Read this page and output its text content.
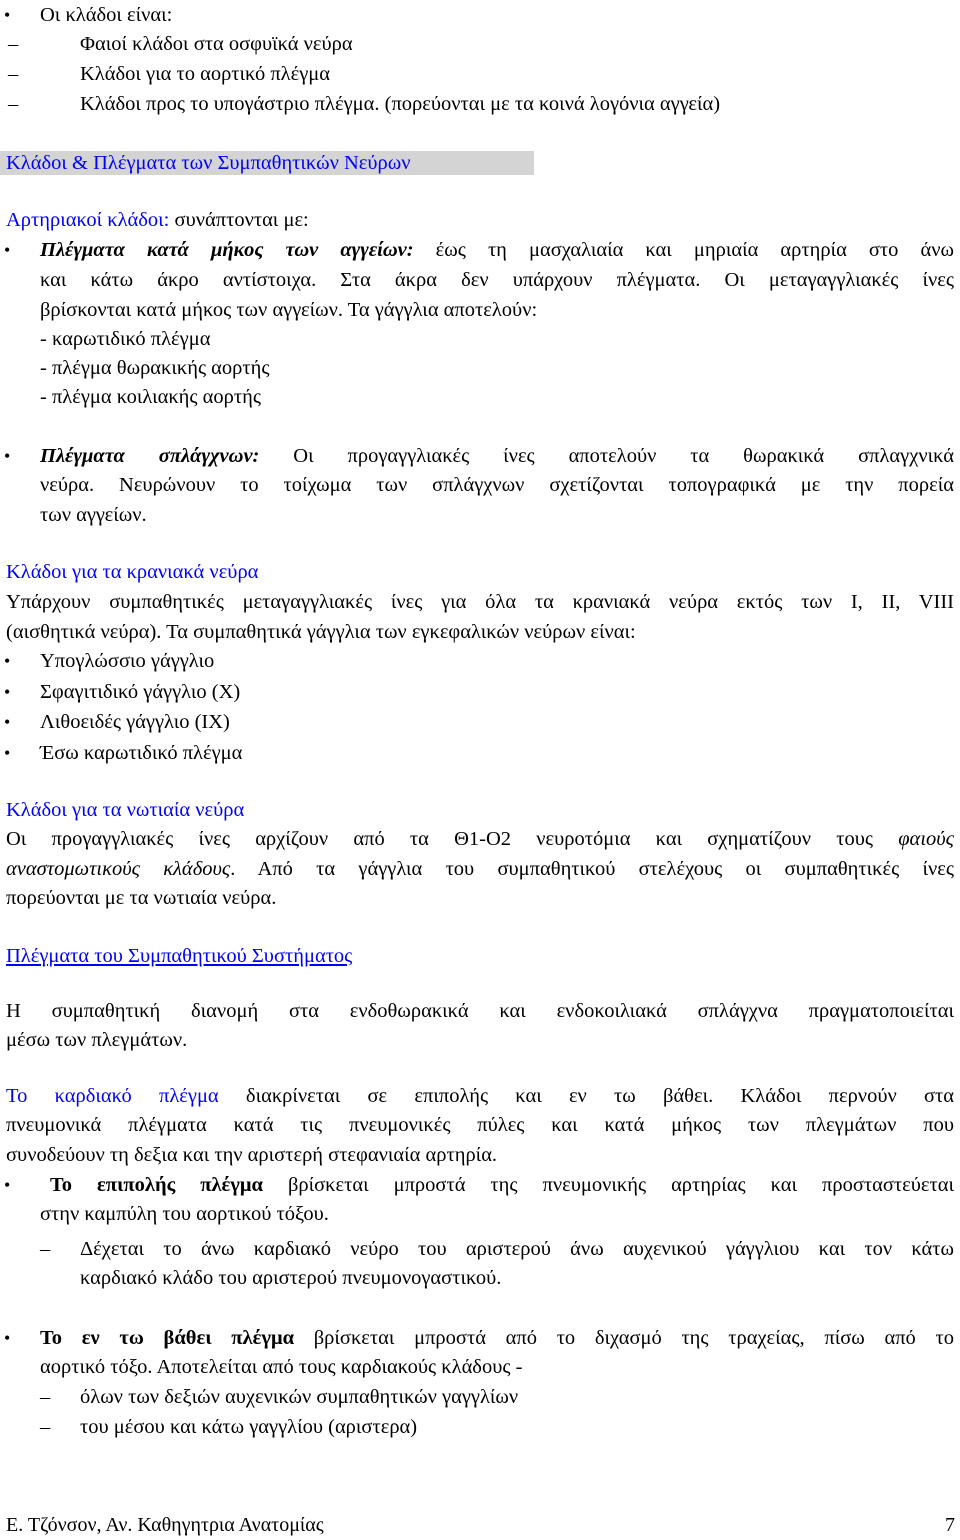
• Οι κλάδοι είναι:
–	Φαιοί κλάδοι στα οσφυϊκά νεύρα
–	Κλάδοι για το αορτικό πλέγμα
–	Κλάδοι προς το υπογάστριο πλέγμα. (πορεύονται με τα κοινά λογόνια αγγεία)
Κλάδοι & Πλέγματα των Συμπαθητικών Νεύρων
Αρτηριακοί κλάδοι: συνάπτονται με:
• Πλέγματα κατά μήκος των αγγείων: έως τη μασχαλιαία και μηριαία αρτηρία στο άνω
και κάτω άκρο αντίστοιχα. Στα άκρα δεν υπάρχουν πλέγματα. Οι μεταγαγγλιακές ίνες
βρίσκονται κατά μήκος των αγγείων. Τα γάγγλια αποτελούν:
- καρωτιδικό πλέγμα
- πλέγμα θωρακικής αορτής
- πλέγμα κοιλιακής αορτής
• Πλέγματα σπλάγχνων: Οι προγαγγλιακές ίνες αποτελούν τα θωρακικά σπλαγχνικά
νεύρα. Νευρώνουν το τοίχωμα των σπλάγχνων σχετίζονται τοπογραφικά με την πορεία
των αγγείων.
Κλάδοι για τα κρανιακά νεύρα
Υπάρχουν συμπαθητικές μεταγαγγλιακές ίνες για όλα τα κρανιακά νεύρα εκτός των I, II, VIII
(αισθητικά νεύρα). Τα συμπαθητικά γάγγλια των εγκεφαλικών νεύρων είναι:
• Υπογλώσσιο γάγγλιο
• Σφαγιτιδικό γάγγλιο (X)
• Λιθοειδές γάγγλιο (IX)
• Έσω καρωτιδικό πλέγμα
Κλάδοι για τα νωτιαία νεύρα
Οι προγαγγλιακές ίνες αρχίζουν από τα Θ1-Ο2 νευροτόμια και σχηματίζουν τους φαιούς
αναστομωτικούς κλάδους. Από τα γάγγλια του συμπαθητικού στελέχους οι συμπαθητικές ίνες
πορεύονται με τα νωτιαία νεύρα.
Πλέγματα του Συμπαθητικού Συστήματος
Η συμπαθητική διανομή στα ενδοθωρακικά και ενδοκοιλιακά σπλάγχνα πραγματοποιείται
μέσω των πλεγμάτων.
Το καρδιακό πλέγμα διακρίνεται σε επιπολής και εν τω βάθει. Κλάδοι περνούν στα
πνευμονικά πλέγματα κατά τις πνευμονικές πύλες και κατά μήκος των πλεγμάτων που
συνοδεύουν τη δεξια και την αριστερή στεφανιαία αρτηρία.
• Το επιπολής πλέγμα βρίσκεται μπροστά της πνευμονικής αρτηρίας και προσταστεύεται
στην καμπύλη του αορτικού τόξου.
– Δέχεται το άνω καρδιακό νεύρο του αριστερού άνω αυχενικού γάγγλιου και τον κάτω
καρδιακό κλάδο του αριστερού πνευμονογαστικού.
• Το εν τω βάθει πλέγμα βρίσκεται μπροστά από το διχασμό της τραχείας, πίσω από το
αορτικό τόξο. Αποτελείται από τους καρδιακούς κλάδους -
– όλων των δεξιών αυχενικών συμπαθητικών γαγγλίων
– του μέσου και κάτω γαγγλίου (αριστερα)
Ε. Τζόνσον, Αν. Καθηγητρια Ανατομίας	7
